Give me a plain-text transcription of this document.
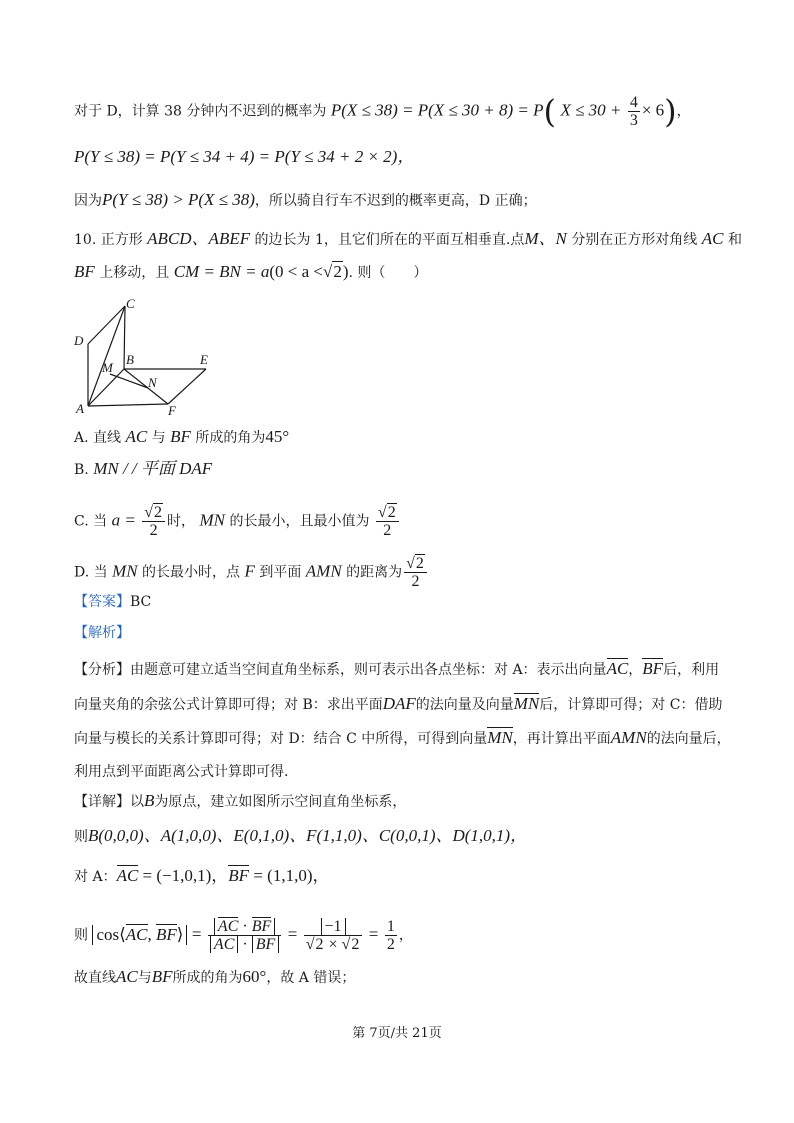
对于 D，计算 38 分钟内不迟到的概率为 P(X ≤ 38) = P(X ≤ 30 + 8) = P( $X \le 30 + \frac{4}{3} \times 6$)，
P(Y ≤ 38) = P(Y ≤ 34 + 4) = P(Y ≤ 34 + 2 × 2)，
因为P(Y ≤ 38) > P(X ≤ 38)，所以骑自行车不迟到的概率更高，D 正确；
10. 正方形 ABCD、ABEF 的边长为 1，且它们所在的平面互相垂直.点M、N 分别在正方形对角线 AC 和
BF 上移动，且 CM = BN = a(0 < a <√2). 则（　　）
C
D
M
B	E
N
A	F
A. 直线 AC 与 BF 所成的角为45°
B. MN / / 平面 DAF
C. 当 $a = \frac{√2}{2}$ 时， MN 的长最小，且最小值为 $\frac{√2}{2}$
D. 当 MN 的长最小时，点 F 到平面 AMN 的距离为 $\frac{√2}{2}$
【答案】BC
【解析】
【分析】由题意可建立适当空间直角坐标系，则可表示出各点坐标：对 A：表示出向量AC，BF后，利用
向量夹角的余弦公式计算即可得；对 B：求出平面DAF的法向量及向量MN后，计算即可得；对 C：借助
向量与模长的关系计算即可得；对 D：结合 C 中所得，可得到向量MN，再计算出平面AMN的法向量后，
利用点到平面距离公式计算即可得.
【详解】以B为原点，建立如图所示空间直角坐标系，
则B(0,0,0)、A(1,0,0)、E(0,1,0)、F(1,1,0)、C(0,0,1)、D(1,0,1)，
对 A：AC = (−1,0,1)，BF = (1,1,0)，
则 cos⟨AC, BF⟩ = $\frac{AC \cdot BF}{AC \cdot BF} = \frac{-1}{√2 \times √2} = \frac{1}{2}$ ，
故直线AC与BF所成的角为60°，故 A 错误；
第 7页/共 21页
